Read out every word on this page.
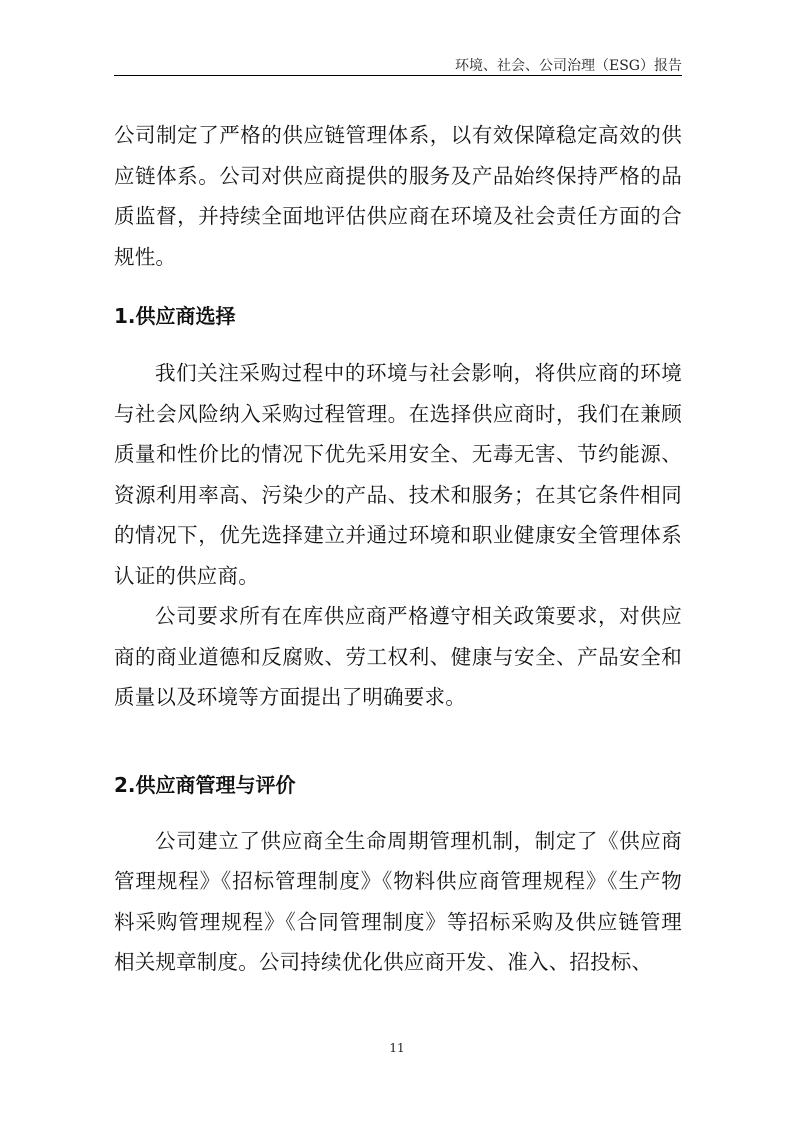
环境、社会、公司治理（ESG）报告

公司制定了严格的供应链管理体系，以有效保障稳定高效的供应链体系。公司对供应商提供的服务及产品始终保持严格的品质监督，并持续全面地评估供应商在环境及社会责任方面的合规性。

1.供应商选择

我们关注采购过程中的环境与社会影响，将供应商的环境与社会风险纳入采购过程管理。在选择供应商时，我们在兼顾质量和性价比的情况下优先采用安全、无毒无害、节约能源、资源利用率高、污染少的产品、技术和服务；在其它条件相同的情况下，优先选择建立并通过环境和职业健康安全管理体系认证的供应商。

公司要求所有在库供应商严格遵守相关政策要求，对供应商的商业道德和反腐败、劳工权利、健康与安全、产品安全和质量以及环境等方面提出了明确要求。

2.供应商管理与评价

公司建立了供应商全生命周期管理机制，制定了《供应商管理规程》《招标管理制度》《物料供应商管理规程》《生产物料采购管理规程》《合同管理制度》等招标采购及供应链管理相关规章制度。公司持续优化供应商开发、准入、招投标、

11
